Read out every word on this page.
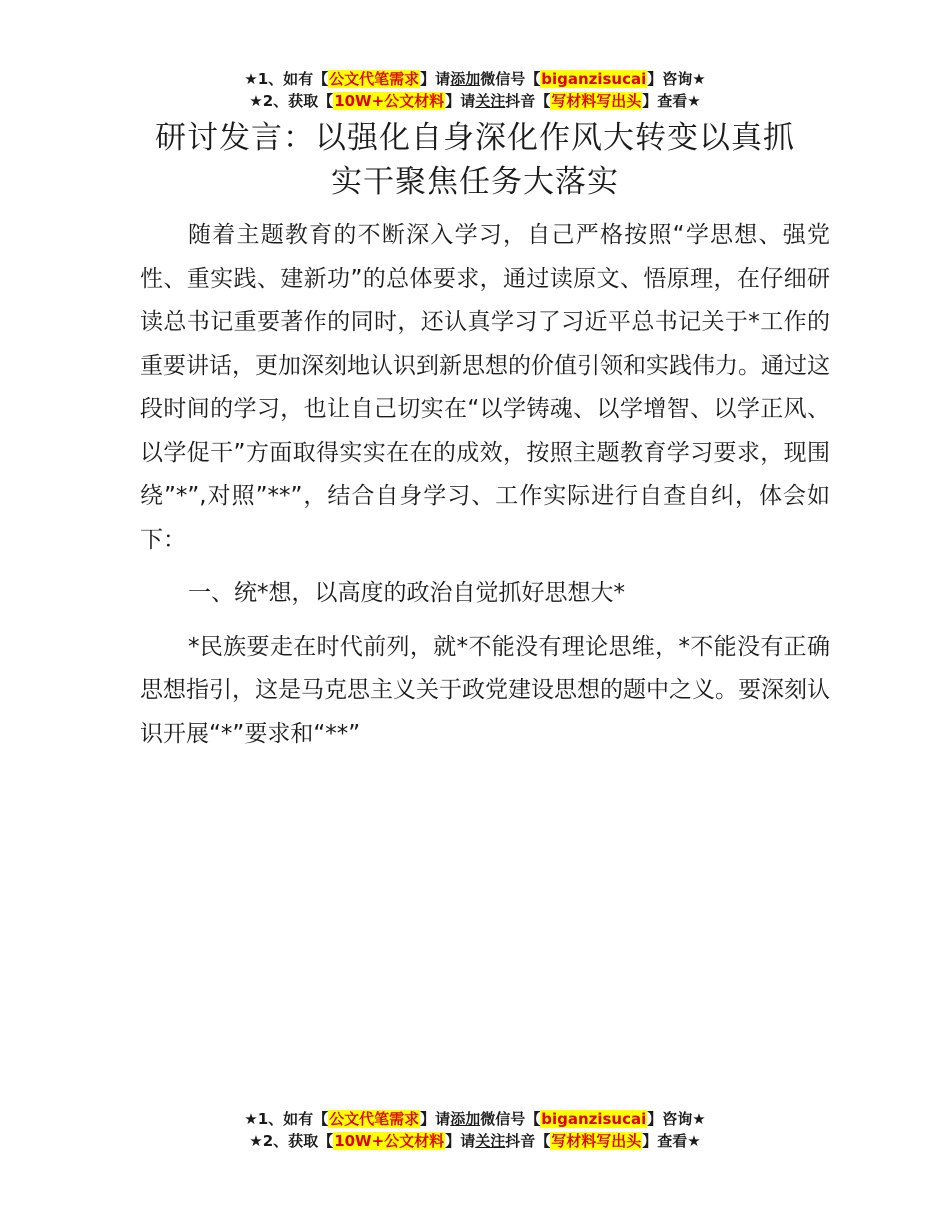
★1、如有【公文代笔需求】请添加微信号【biganzisucai】咨询★
★2、获取【10W+公文材料】请关注抖音【写材料写出头】查看★
研讨发言：以强化自身深化作风大转变以真抓
实干聚焦任务大落实

随着主题教育的不断深入学习，自己严格按照“学思想、强党性、重实践、建新功”的总体要求，通过读原文、悟原理，在仔细研读总书记重要著作的同时，还认真学习了习近平总书记关于*工作的重要讲话，更加深刻地认识到新思想的价值引领和实践伟力。通过这段时间的学习，也让自己切实在“以学铸魂、以学增智、以学正风、以学促干”方面取得实实在在的成效，按照主题教育学习要求，现围绕”*”,对照”**”，结合自身学习、工作实际进行自查自纠，体会如下：

一、统*想，以高度的政治自觉抓好思想大*

*民族要走在时代前列，就*不能没有理论思维，*不能没有正确思想指引，这是马克思主义关于政党建设思想的题中之义。要深刻认识开展“*”要求和“**”

★1、如有【公文代笔需求】请添加微信号【biganzisucai】咨询★
★2、获取【10W+公文材料】请关注抖音【写材料写出头】查看★
